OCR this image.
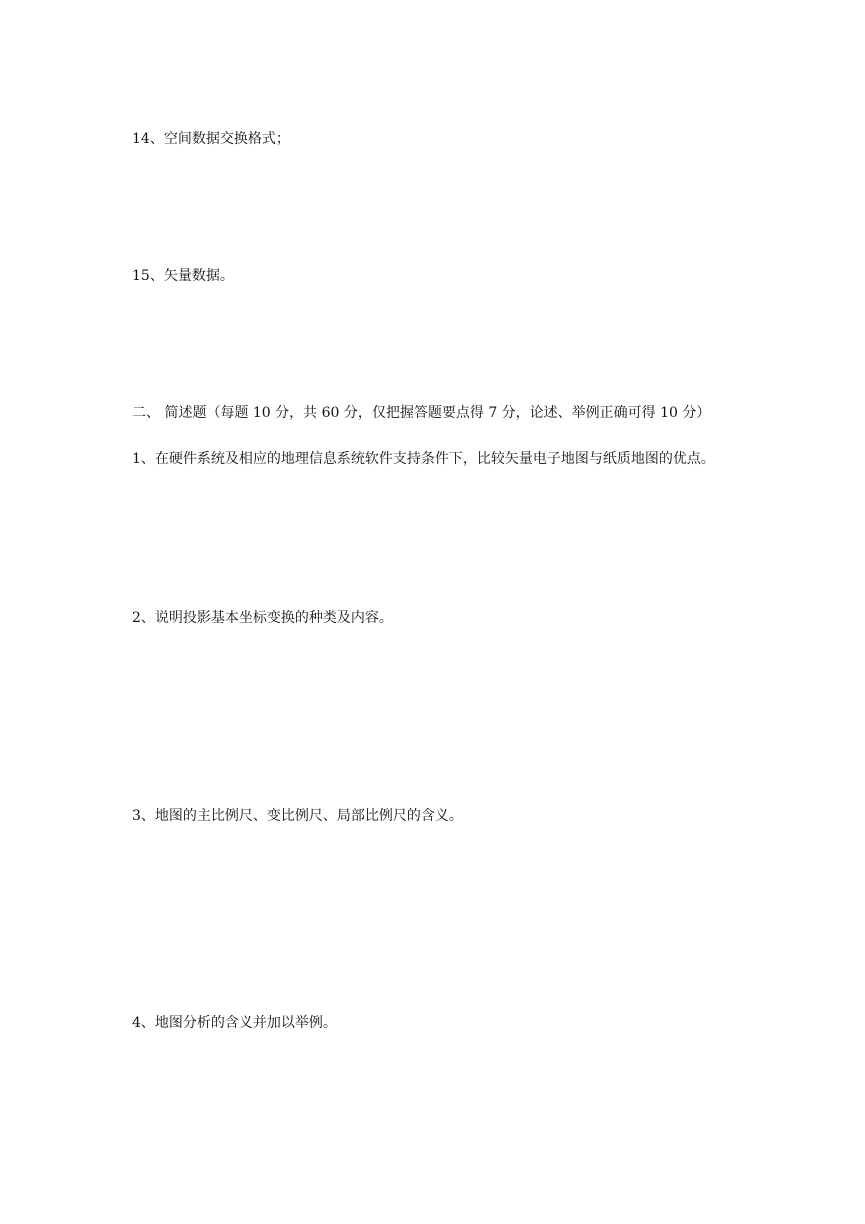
14、空间数据交换格式；

15、矢量数据。

二、 简述题（每题 10 分，共 60 分，仅把握答题要点得 7 分，论述、举例正确可得 10 分）

1、在硬件系统及相应的地理信息系统软件支持条件下，比较矢量电子地图与纸质地图的优点。

2、说明投影基本坐标变换的种类及内容。

3、地图的主比例尺、变比例尺、局部比例尺的含义。

4、地图分析的含义并加以举例。
